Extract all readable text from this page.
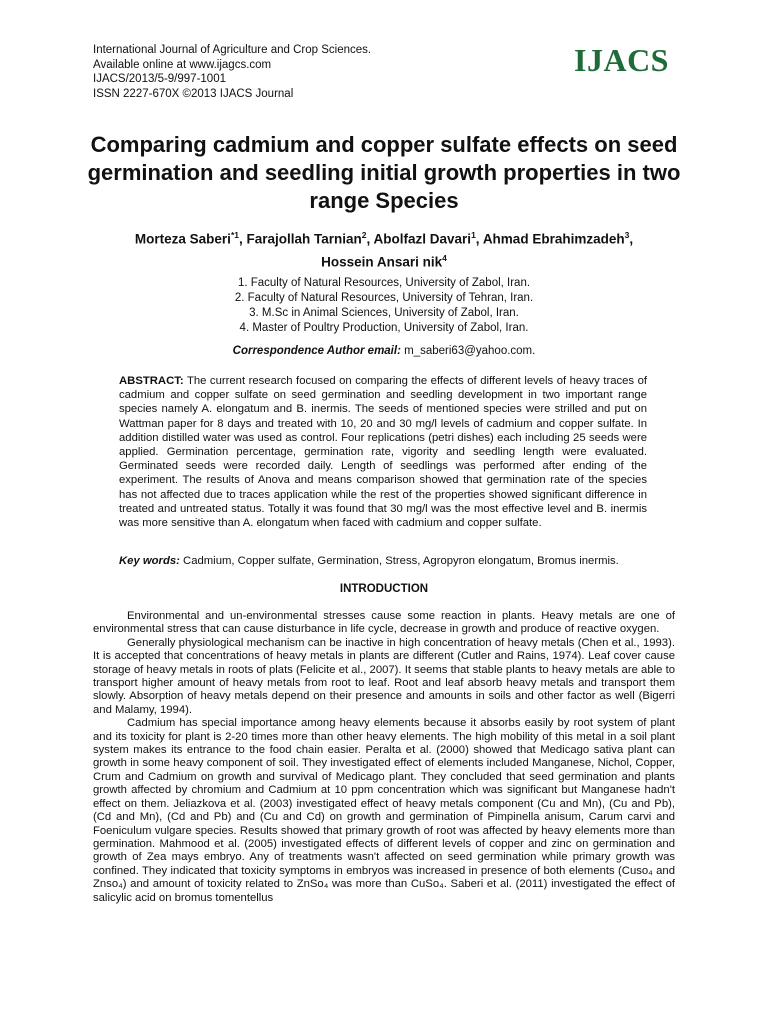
International Journal of Agriculture and Crop Sciences.
Available online at www.ijagcs.com
IJACS/2013/5-9/997-1001
ISSN 2227-670X ©2013 IJACS Journal
IJACS
Comparing cadmium and copper sulfate effects on seed germination and seedling initial growth properties in two range Species
Morteza Saberi$^{*1}$, Farajollah Tarnian$^2$, Abolfazl Davari$^1$, Ahmad Ebrahimzadeh$^3$,
Hossein Ansari nik$^4$
1. Faculty of Natural Resources, University of Zabol, Iran.
2. Faculty of Natural Resources, University of Tehran, Iran.
3. M.Sc in Animal Sciences, University of Zabol, Iran.
4. Master of Poultry Production, University of Zabol, Iran.
Correspondence Author email: m_saberi63@yahoo.com.
ABSTRACT: The current research focused on comparing the effects of different levels of heavy traces of cadmium and copper sulfate on seed germination and seedling development in two important range species namely A. elongatum and B. inermis. The seeds of mentioned species were strilled and put on Wattman paper for 8 days and treated with 10, 20 and 30 mg/l levels of cadmium and copper sulfate. In addition distilled water was used as control. Four replications (petri dishes) each including 25 seeds were applied. Germination percentage, germination rate, vigority and seedling length were evaluated. Germinated seeds were recorded daily. Length of seedlings was performed after ending of the experiment. The results of Anova and means comparison showed that germination rate of the species has not affected due to traces application while the rest of the properties showed significant difference in treated and untreated status. Totally it was found that 30 mg/l was the most effective level and B. inermis was more sensitive than A. elongatum when faced with cadmium and copper sulfate.
Key words: Cadmium, Copper sulfate, Germination, Stress, Agropyron elongatum, Bromus inermis.
INTRODUCTION

Environmental and un-environmental stresses cause some reaction in plants. Heavy metals are one of environmental stress that can cause disturbance in life cycle, decrease in growth and produce of reactive oxygen.

Generally physiological mechanism can be inactive in high concentration of heavy metals (Chen et al., 1993). It is accepted that concentrations of heavy metals in plants are different (Cutler and Rains, 1974). Leaf cover cause storage of heavy metals in roots of plats (Felicite et al., 2007). It seems that stable plants to heavy metals are able to transport higher amount of heavy metals from root to leaf. Root and leaf absorb heavy metals and transport them slowly. Absorption of heavy metals depend on their presence and amounts in soils and other factor as well (Bigerri and Malamy, 1994).

Cadmium has special importance among heavy elements because it absorbs easily by root system of plant and its toxicity for plant is 2-20 times more than other heavy elements. The high mobility of this metal in a soil plant system makes its entrance to the food chain easier. Peralta et al. (2000) showed that Medicago sativa plant can growth in some heavy component of soil. They investigated effect of elements included Manganese, Nichol, Copper, Crum and Cadmium on growth and survival of Medicago plant. They concluded that seed germination and plants growth affected by chromium and Cadmium at 10 ppm concentration which was significant but Manganese hadn't effect on them. Jeliazkova et al. (2003) investigated effect of heavy metals component (Cu and Mn), (Cu and Pb), (Cd and Mn), (Cd and Pb) and (Cu and Cd) on growth and germination of Pimpinella anisum, Carum carvi and Foeniculum vulgare species. Results showed that primary growth of root was affected by heavy elements more than germination. Mahmood et al. (2005) investigated effects of different levels of copper and zinc on germination and growth of Zea mays embryo. Any of treatments wasn't affected on seed germination while primary growth was confined. They indicated that toxicity symptoms in embryos was increased in presence of both elements (Cuso₄ and Znso₄) and amount of toxicity related to ZnSo₄ was more than CuSo₄. Saberi et al. (2011) investigated the effect of salicylic acid on bromus tomentellus
